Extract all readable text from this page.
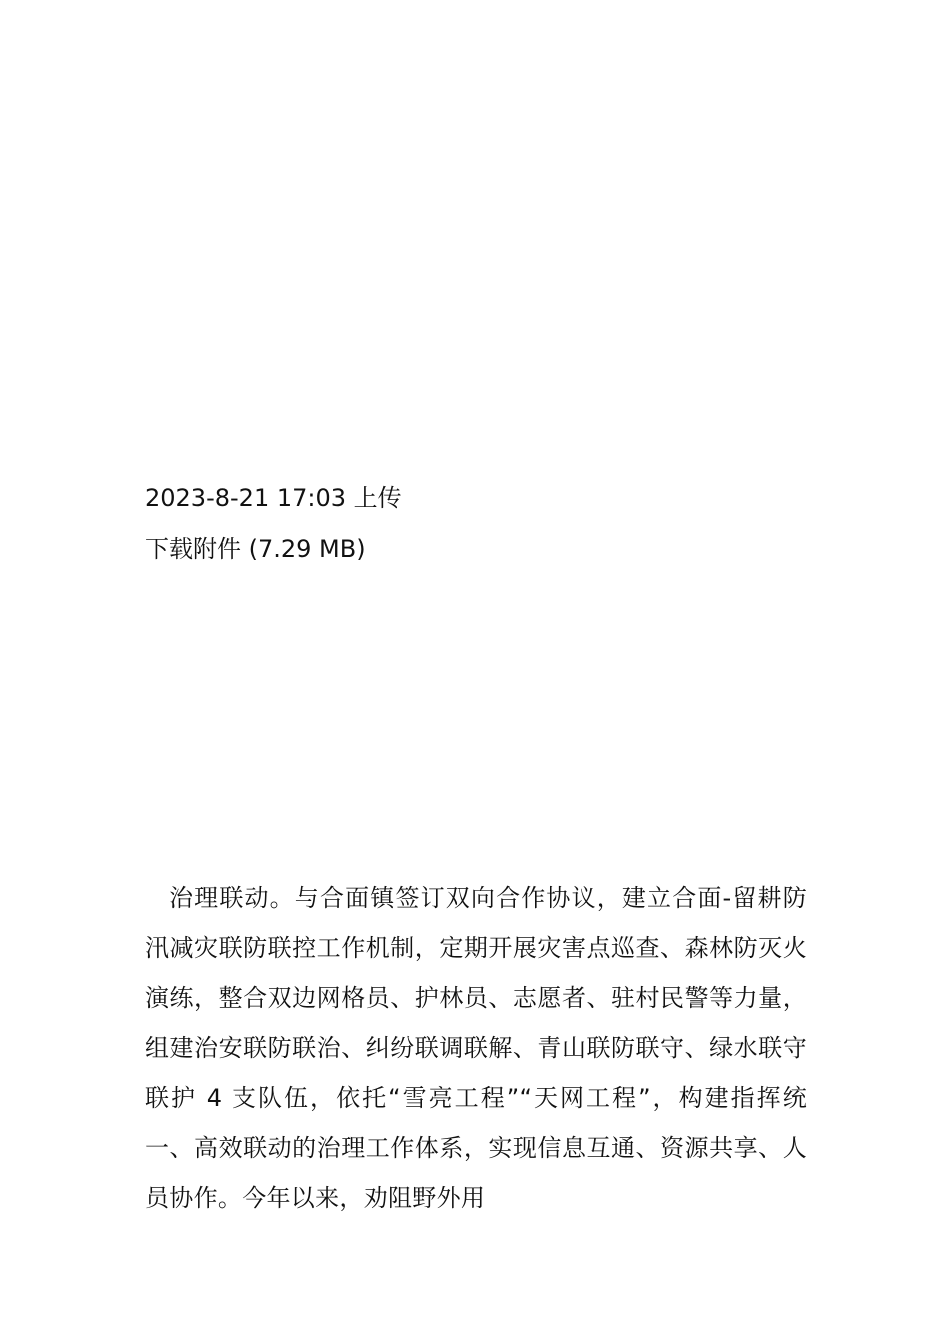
2023-8-21 17:03 上传
下载附件 (7.29 MB)

治理联动。与合面镇签订双向合作协议，建立合面-留耕防汛减灾联防联控工作机制，定期开展灾害点巡查、森林防灭火演练，整合双边网格员、护林员、志愿者、驻村民警等力量，组建治安联防联治、纠纷联调联解、青山联防联守、绿水联守联护 4 支队伍，依托“雪亮工程”“天网工程”，构建指挥统一、高效联动的治理工作体系，实现信息互通、资源共享、人员协作。今年以来，劝阻野外用
